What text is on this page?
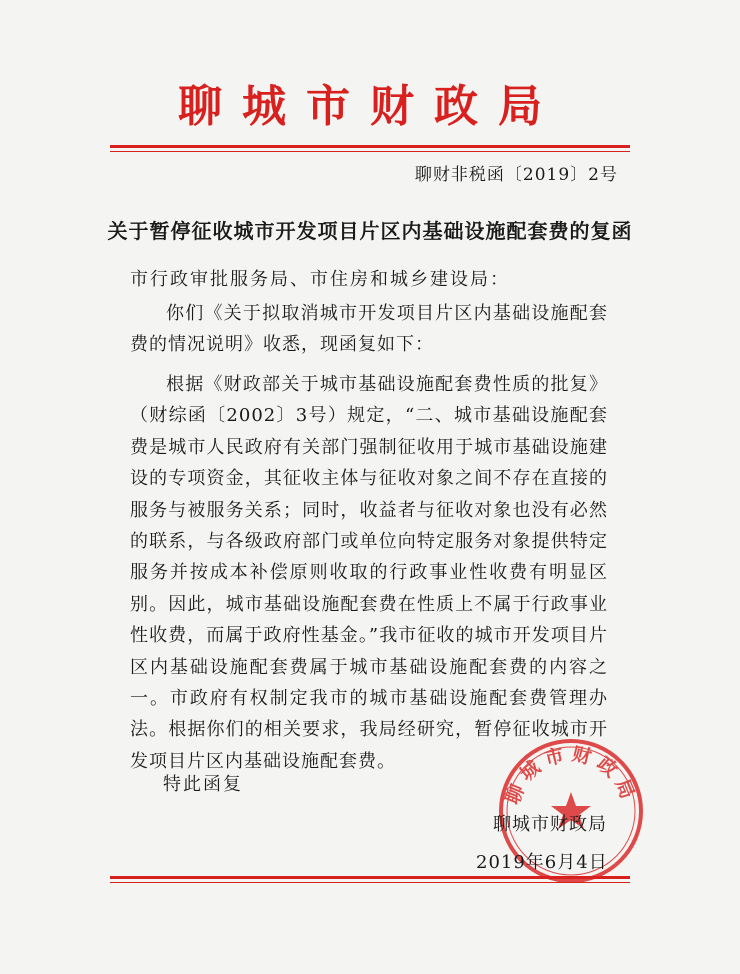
聊城市财政局
聊财非税函〔2019〕2号
关于暂停征收城市开发项目片区内基础设施配套费的复函
市行政审批服务局、市住房和城乡建设局：

你们《关于拟取消城市开发项目片区内基础设施配套费的情况说明》收悉，现函复如下：

根据《财政部关于城市基础设施配套费性质的批复》（财综函〔2002〕3号）规定，“二、城市基础设施配套费是城市人民政府有关部门强制征收用于城市基础设施建设的专项资金，其征收主体与征收对象之间不存在直接的服务与被服务关系；同时，收益者与征收对象也没有必然的联系，与各级政府部门或单位向特定服务对象提供特定服务并按成本补偿原则收取的行政事业性收费有明显区别。因此，城市基础设施配套费在性质上不属于行政事业性收费，而属于政府性基金。”我市征收的城市开发项目片区内基础设施配套费属于城市基础设施配套费的内容之一。市政府有权制定我市的城市基础设施配套费管理办法。根据你们的相关要求，我局经研究，暂停征收城市开发项目片区内基础设施配套费。

特此函复	聊城市财政局
聊城市财政局
2019年6月4日
